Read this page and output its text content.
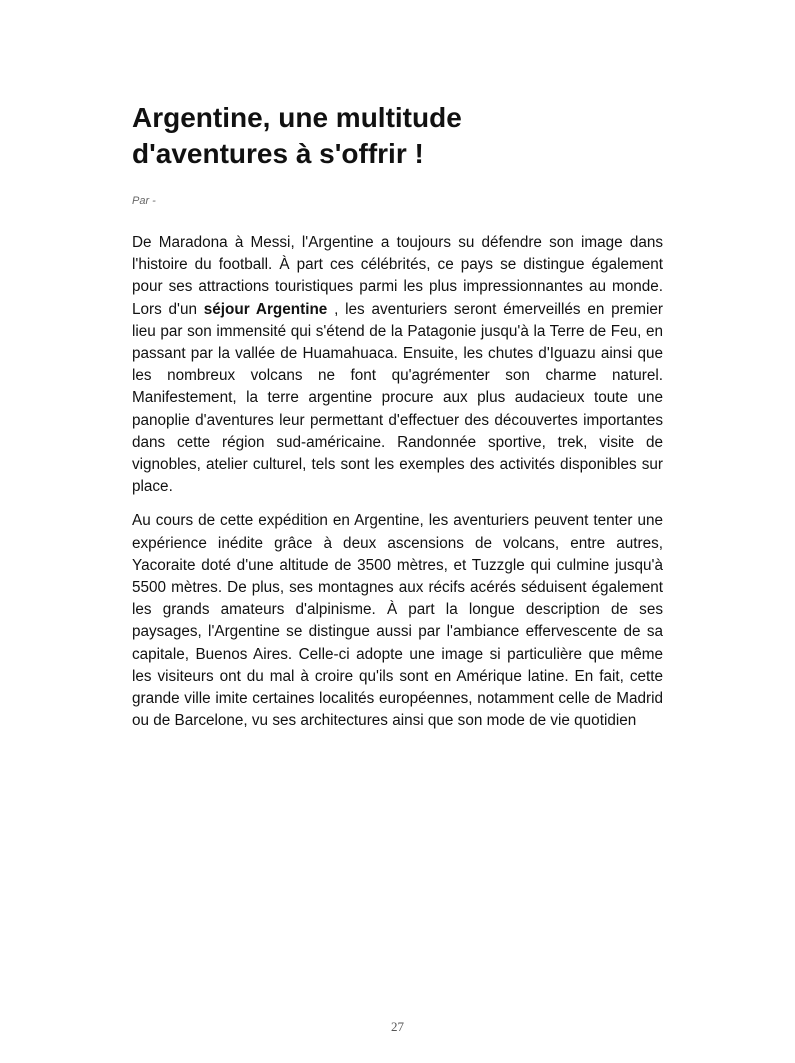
Argentine, une multitude d'aventures à s'offrir !
Par -

De Maradona à Messi, l'Argentine a toujours su défendre son image dans l'histoire du football. À part ces célébrités, ce pays se distingue également pour ses attractions touristiques parmi les plus impressionnantes au monde. Lors d'un séjour Argentine , les aventuriers seront émerveillés en premier lieu par son immensité qui s'étend de la Patagonie jusqu'à la Terre de Feu, en passant par la vallée de Huamahuaca. Ensuite, les chutes d'Iguazu ainsi que les nombreux volcans ne font qu'agrémenter son charme naturel. Manifestement, la terre argentine procure aux plus audacieux toute une panoplie d'aventures leur permettant d'effectuer des découvertes importantes dans cette région sud-américaine. Randonnée sportive, trek, visite de vignobles, atelier culturel, tels sont les exemples des activités disponibles sur place.

Au cours de cette expédition en Argentine, les aventuriers peuvent tenter une expérience inédite grâce à deux ascensions de volcans, entre autres, Yacoraite doté d'une altitude de 3500 mètres, et Tuzzgle qui culmine jusqu'à 5500 mètres. De plus, ses montagnes aux récifs acérés séduisent également les grands amateurs d'alpinisme. À part la longue description de ses paysages, l'Argentine se distingue aussi par l'ambiance effervescente de sa capitale, Buenos Aires. Celle-ci adopte une image si particulière que même les visiteurs ont du mal à croire qu'ils sont en Amérique latine. En fait, cette grande ville imite certaines localités européennes, notamment celle de Madrid ou de Barcelone, vu ses architectures ainsi que son mode de vie quotidien

27
